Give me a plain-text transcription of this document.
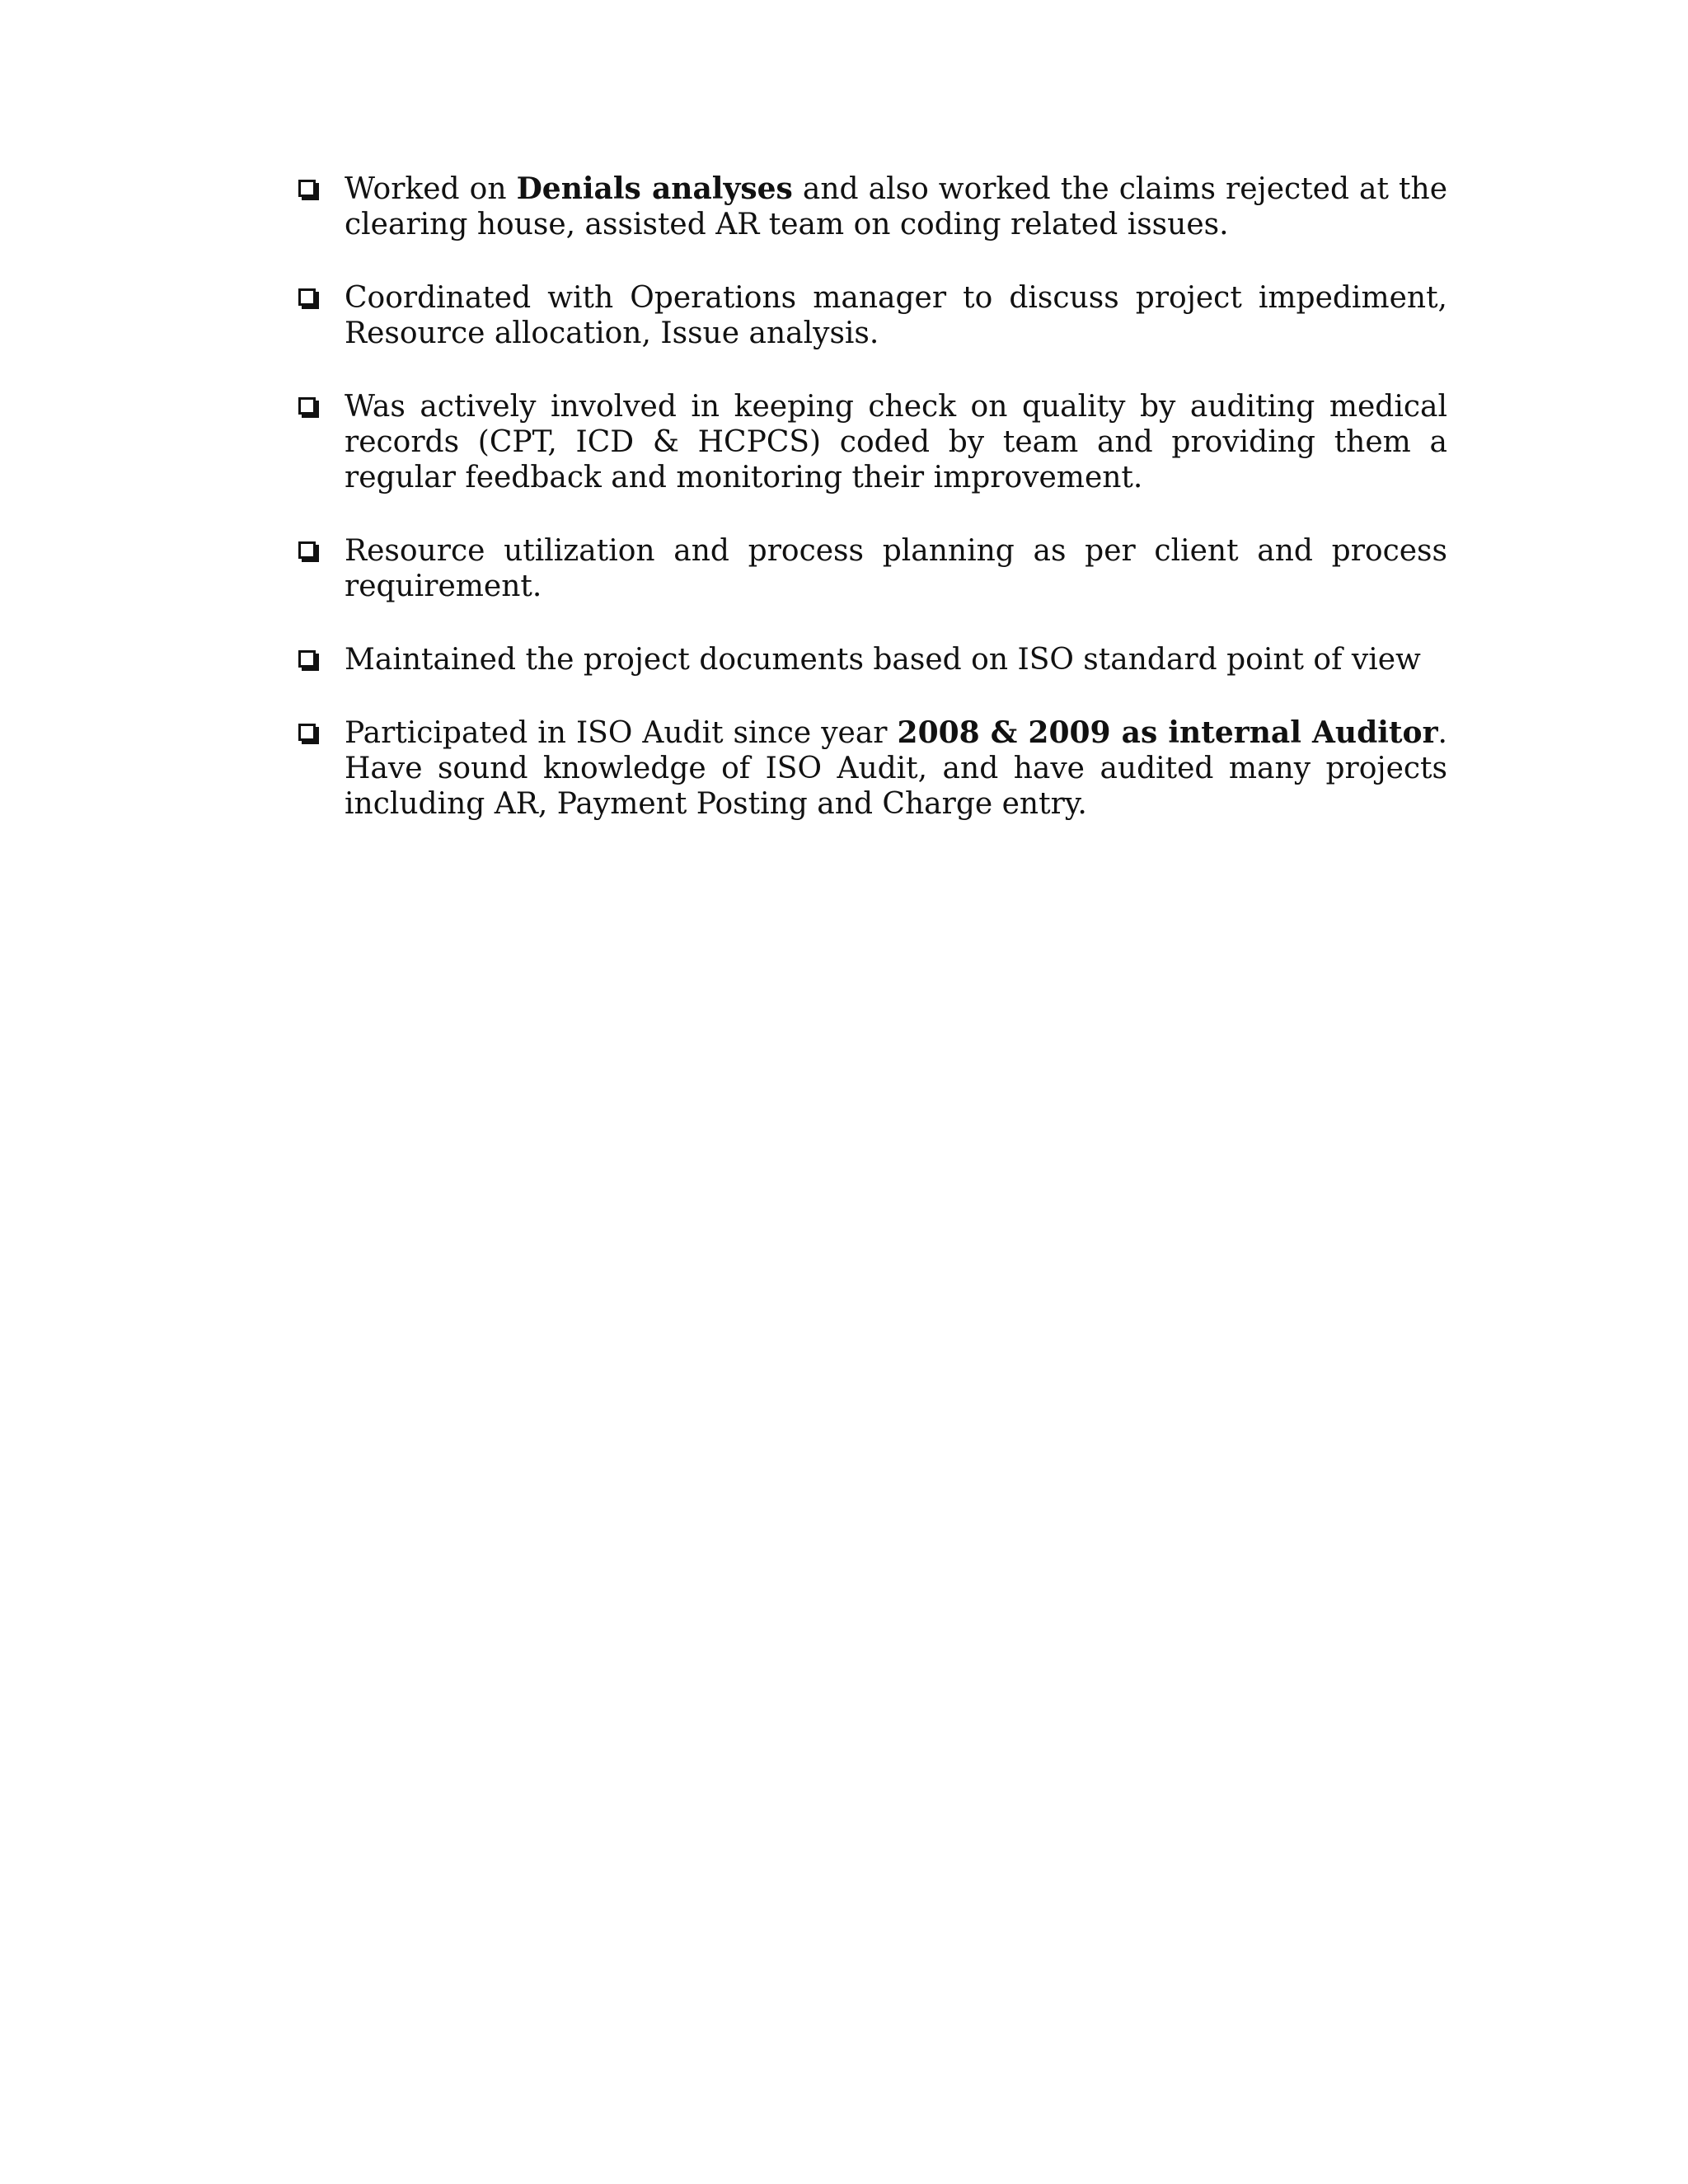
Worked on Denials analyses and also worked the claims rejected at the clearing house, assisted AR team on coding related issues.
Coordinated with Operations manager to discuss project impediment, Resource allocation, Issue analysis.
Was actively involved in keeping check on quality by auditing medical records (CPT, ICD & HCPCS) coded by team and providing them a regular feedback and monitoring their improvement.
Resource utilization and process planning as per client and process requirement.
Maintained the project documents based on ISO standard point of view
Participated in ISO Audit since year 2008 & 2009 as internal Auditor. Have sound knowledge of ISO Audit, and have audited many projects including AR, Payment Posting and Charge entry.
